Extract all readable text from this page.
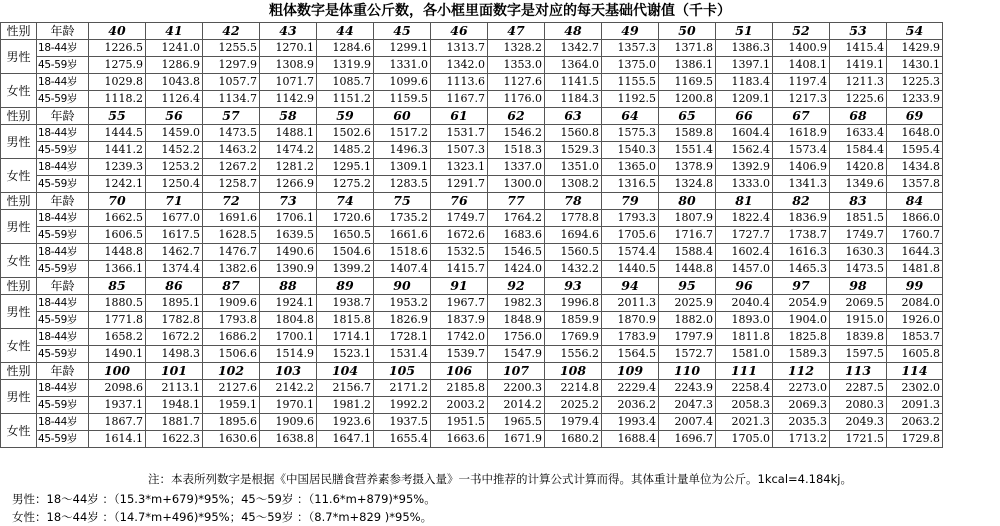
粗体数字是体重公斤数，各小框里面数字是对应的每天基础代谢值（千卡）
性别	年龄	40	41	42	43	44	45	46	47	48	49	50	51	52	53	54
男性	18-44岁	1226.5	1241.0	1255.5	1270.1	1284.6	1299.1	1313.7	1328.2	1342.7	1357.3	1371.8	1386.3	1400.9	1415.4	1429.9
	45-59岁	1275.9	1286.9	1297.9	1308.9	1319.9	1331.0	1342.0	1353.0	1364.0	1375.0	1386.1	1397.1	1408.1	1419.1	1430.1
女性	18-44岁	1029.8	1043.8	1057.7	1071.7	1085.7	1099.6	1113.6	1127.6	1141.5	1155.5	1169.5	1183.4	1197.4	1211.3	1225.3
	45-59岁	1118.2	1126.4	1134.7	1142.9	1151.2	1159.5	1167.7	1176.0	1184.3	1192.5	1200.8	1209.1	1217.3	1225.6	1233.9
性别	年龄	55	56	57	58	59	60	61	62	63	64	65	66	67	68	69
男性	18-44岁	1444.5	1459.0	1473.5	1488.1	1502.6	1517.2	1531.7	1546.2	1560.8	1575.3	1589.8	1604.4	1618.9	1633.4	1648.0
	45-59岁	1441.2	1452.2	1463.2	1474.2	1485.2	1496.3	1507.3	1518.3	1529.3	1540.3	1551.4	1562.4	1573.4	1584.4	1595.4
女性	18-44岁	1239.3	1253.2	1267.2	1281.2	1295.1	1309.1	1323.1	1337.0	1351.0	1365.0	1378.9	1392.9	1406.9	1420.8	1434.8
	45-59岁	1242.1	1250.4	1258.7	1266.9	1275.2	1283.5	1291.7	1300.0	1308.2	1316.5	1324.8	1333.0	1341.3	1349.6	1357.8
性别	年龄	70	71	72	73	74	75	76	77	78	79	80	81	82	83	84
男性	18-44岁	1662.5	1677.0	1691.6	1706.1	1720.6	1735.2	1749.7	1764.2	1778.8	1793.3	1807.9	1822.4	1836.9	1851.5	1866.0
	45-59岁	1606.5	1617.5	1628.5	1639.5	1650.5	1661.6	1672.6	1683.6	1694.6	1705.6	1716.7	1727.7	1738.7	1749.7	1760.7
女性	18-44岁	1448.8	1462.7	1476.7	1490.6	1504.6	1518.6	1532.5	1546.5	1560.5	1574.4	1588.4	1602.4	1616.3	1630.3	1644.3
	45-59岁	1366.1	1374.4	1382.6	1390.9	1399.2	1407.4	1415.7	1424.0	1432.2	1440.5	1448.8	1457.0	1465.3	1473.5	1481.8
性别	年龄	85	86	87	88	89	90	91	92	93	94	95	96	97	98	99
男性	18-44岁	1880.5	1895.1	1909.6	1924.1	1938.7	1953.2	1967.7	1982.3	1996.8	2011.3	2025.9	2040.4	2054.9	2069.5	2084.0
	45-59岁	1771.8	1782.8	1793.8	1804.8	1815.8	1826.9	1837.9	1848.9	1859.9	1870.9	1882.0	1893.0	1904.0	1915.0	1926.0
女性	18-44岁	1658.2	1672.2	1686.2	1700.1	1714.1	1728.1	1742.0	1756.0	1769.9	1783.9	1797.9	1811.8	1825.8	1839.8	1853.7
	45-59岁	1490.1	1498.3	1506.6	1514.9	1523.1	1531.4	1539.7	1547.9	1556.2	1564.5	1572.7	1581.0	1589.3	1597.5	1605.8
性别	年龄	100	101	102	103	104	105	106	107	108	109	110	111	112	113	114
男性	18-44岁	2098.6	2113.1	2127.6	2142.2	2156.7	2171.2	2185.8	2200.3	2214.8	2229.4	2243.9	2258.4	2273.0	2287.5	2302.0
	45-59岁	1937.1	1948.1	1959.1	1970.1	1981.2	1992.2	2003.2	2014.2	2025.2	2036.2	2047.3	2058.3	2069.3	2080.3	2091.3
女性	18-44岁	1867.7	1881.7	1895.6	1909.6	1923.6	1937.5	1951.5	1965.5	1979.4	1993.4	2007.4	2021.3	2035.3	2049.3	2063.2
	45-59岁	1614.1	1622.3	1630.6	1638.8	1647.1	1655.4	1663.6	1671.9	1680.2	1688.4	1696.7	1705.0	1713.2	1721.5	1729.8
注：本表所列数字是根据《中国居民膳食营养素参考摄入量》一书中推荐的计算公式计算而得。其体重计量单位为公斤。1kcal=4.184kj。
男性：18～44岁 ：（15.3*m+679)*95%；45～59岁 ：（11.6*m+879)*95%。
女性：18～44岁 ：（14.7*m+496)*95%；45～59岁 ：（8.7*m+829 )*95%。
